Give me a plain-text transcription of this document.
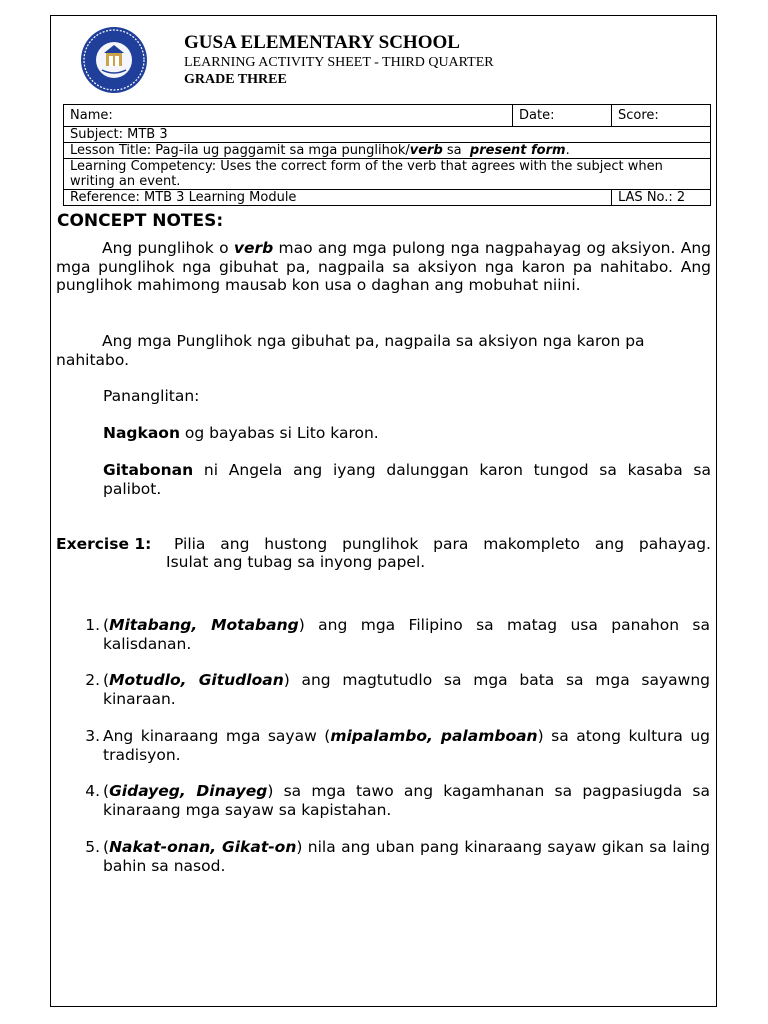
GUSA ELEMENTARY SCHOOL
LEARNING ACTIVITY SHEET - THIRD QUARTER
GRADE THREE
Name:	Date:	Score:
Subject: MTB 3		
Lesson Title: Pag-ila ug paggamit sa mga punglihok/verb sa  present form.		
Learning Competency: Uses the correct form of the verb that agrees with the subject when writing an event.		
Reference: MTB 3 Learning Module		LAS No.: 2
CONCEPT NOTES:

Ang punglihok o verb mao ang mga pulong nga nagpahayag og aksiyon. Ang mga punglihok nga gibuhat pa, nagpaila sa aksiyon nga karon pa nahitabo. Ang punglihok mahimong mausab kon usa o daghan ang mobuhat niini.

Ang mga Punglihok nga gibuhat pa, nagpaila sa aksiyon nga karon pa nahitabo.

Pananglitan:

Nagkaon og bayabas si Lito karon.

Gitabonan ni Angela ang iyang dalunggan karon tungod sa kasaba sa palibot.

Exercise 1: Pilia ang hustong punglihok para makompleto ang pahayag.

Isulat ang tubag sa inyong papel.

1. (Mitabang, Motabang) ang mga Filipino sa matag usa panahon sa kalisdanan.
2. (Motudlo, Gitudloan) ang magtutudlo sa mga bata sa mga sayawng kinaraan.
3. Ang kinaraang mga sayaw (mipalambo, palamboan) sa atong kultura ug tradisyon.
4. (Gidayeg, Dinayeg) sa mga tawo ang kagamhanan sa pagpasiugda sa kinaraang mga sayaw sa kapistahan.
5. (Nakat-onan, Gikat-on) nila ang uban pang kinaraang sayaw gikan sa laing bahin sa nasod.
